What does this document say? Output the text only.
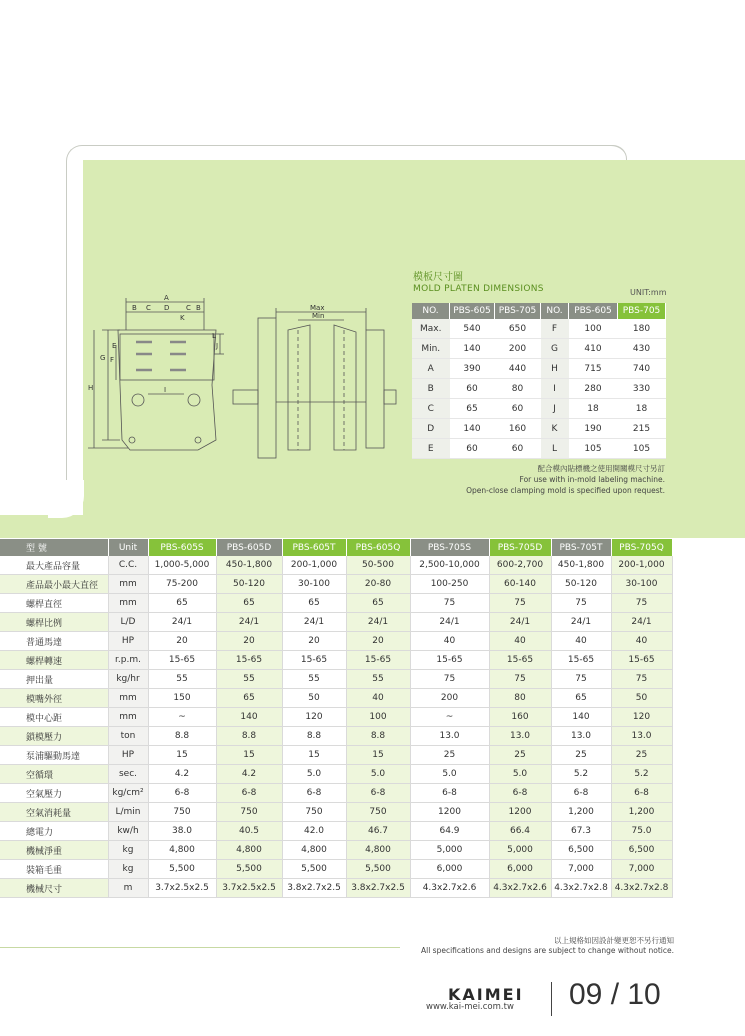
A
B C D
K
C B
G
H
F
E
I
L
J
Max
Min
模板尺寸圖
MOLD PLATEN DIMENSIONS	UNIT:mm
NO.	PBS-605	PBS-705	NO.	PBS-605	PBS-705
Max.	540	650	F	100	180
Min.	140	200	G	410	430
A	390	440	H	715	740
B	60	80	I	280	330
C	65	60	J	18	18
D	140	160	K	190	215
E	60	60	L	105	105
配合模內貼標機之使用開關模尺寸另訂
For use with in-mold labeling machine.
Open-close clamping mold is specified upon request.
型 號	Unit	PBS-605S	PBS-605D	PBS-605T	PBS-605Q	PBS-705S	PBS-705D	PBS-705T	PBS-705Q
最大產品容量	C.C.	1,000-5,000	450-1,800	200-1,000	50-500	2,500-10,000	600-2,700	450-1,800	200-1,000
產品最小最大直徑	mm	75-200	50-120	30-100	20-80	100-250	60-140	50-120	30-100
螺桿直徑	mm	65	65	65	65	75	75	75	75
螺桿比例	L/D	24/1	24/1	24/1	24/1	24/1	24/1	24/1	24/1
普通馬達	HP	20	20	20	20	40	40	40	40
螺桿轉速	r.p.m.	15-65	15-65	15-65	15-65	15-65	15-65	15-65	15-65
押出量	kg/hr	55	55	55	55	75	75	75	75
模嘴外徑	mm	150	65	50	40	200	80	65	50
模中心距	mm	~	140	120	100	~	160	140	120
鎖模壓力	ton	8.8	8.8	8.8	8.8	13.0	13.0	13.0	13.0
泵浦驅動馬達	HP	15	15	15	15	25	25	25	25
空循環	sec.	4.2	4.2	5.0	5.0	5.0	5.0	5.2	5.2
空氣壓力	kg/cm²	6-8	6-8	6-8	6-8	6-8	6-8	6-8	6-8
空氣消耗量	L/min	750	750	750	750	1200	1200	1,200	1,200
總電力	kw/h	38.0	40.5	42.0	46.7	64.9	66.4	67.3	75.0
機械淨重	kg	4,800	4,800	4,800	4,800	5,000	5,000	6,500	6,500
裝箱毛重	kg	5,500	5,500	5,500	5,500	6,000	6,000	7,000	7,000
機械尺寸	m	3.7x2.5x2.5	3.7x2.5x2.5	3.8x2.7x2.5	3.8x2.7x2.5	4.3x2.7x2.6	4.3x2.7x2.6	4.3x2.7x2.8	4.3x2.7x2.8
以上規格如因設計變更恕不另行通知
All specifications and designs are subject to change without notice.
KAIMEI
www.kai-mei.com.tw 09 / 10
